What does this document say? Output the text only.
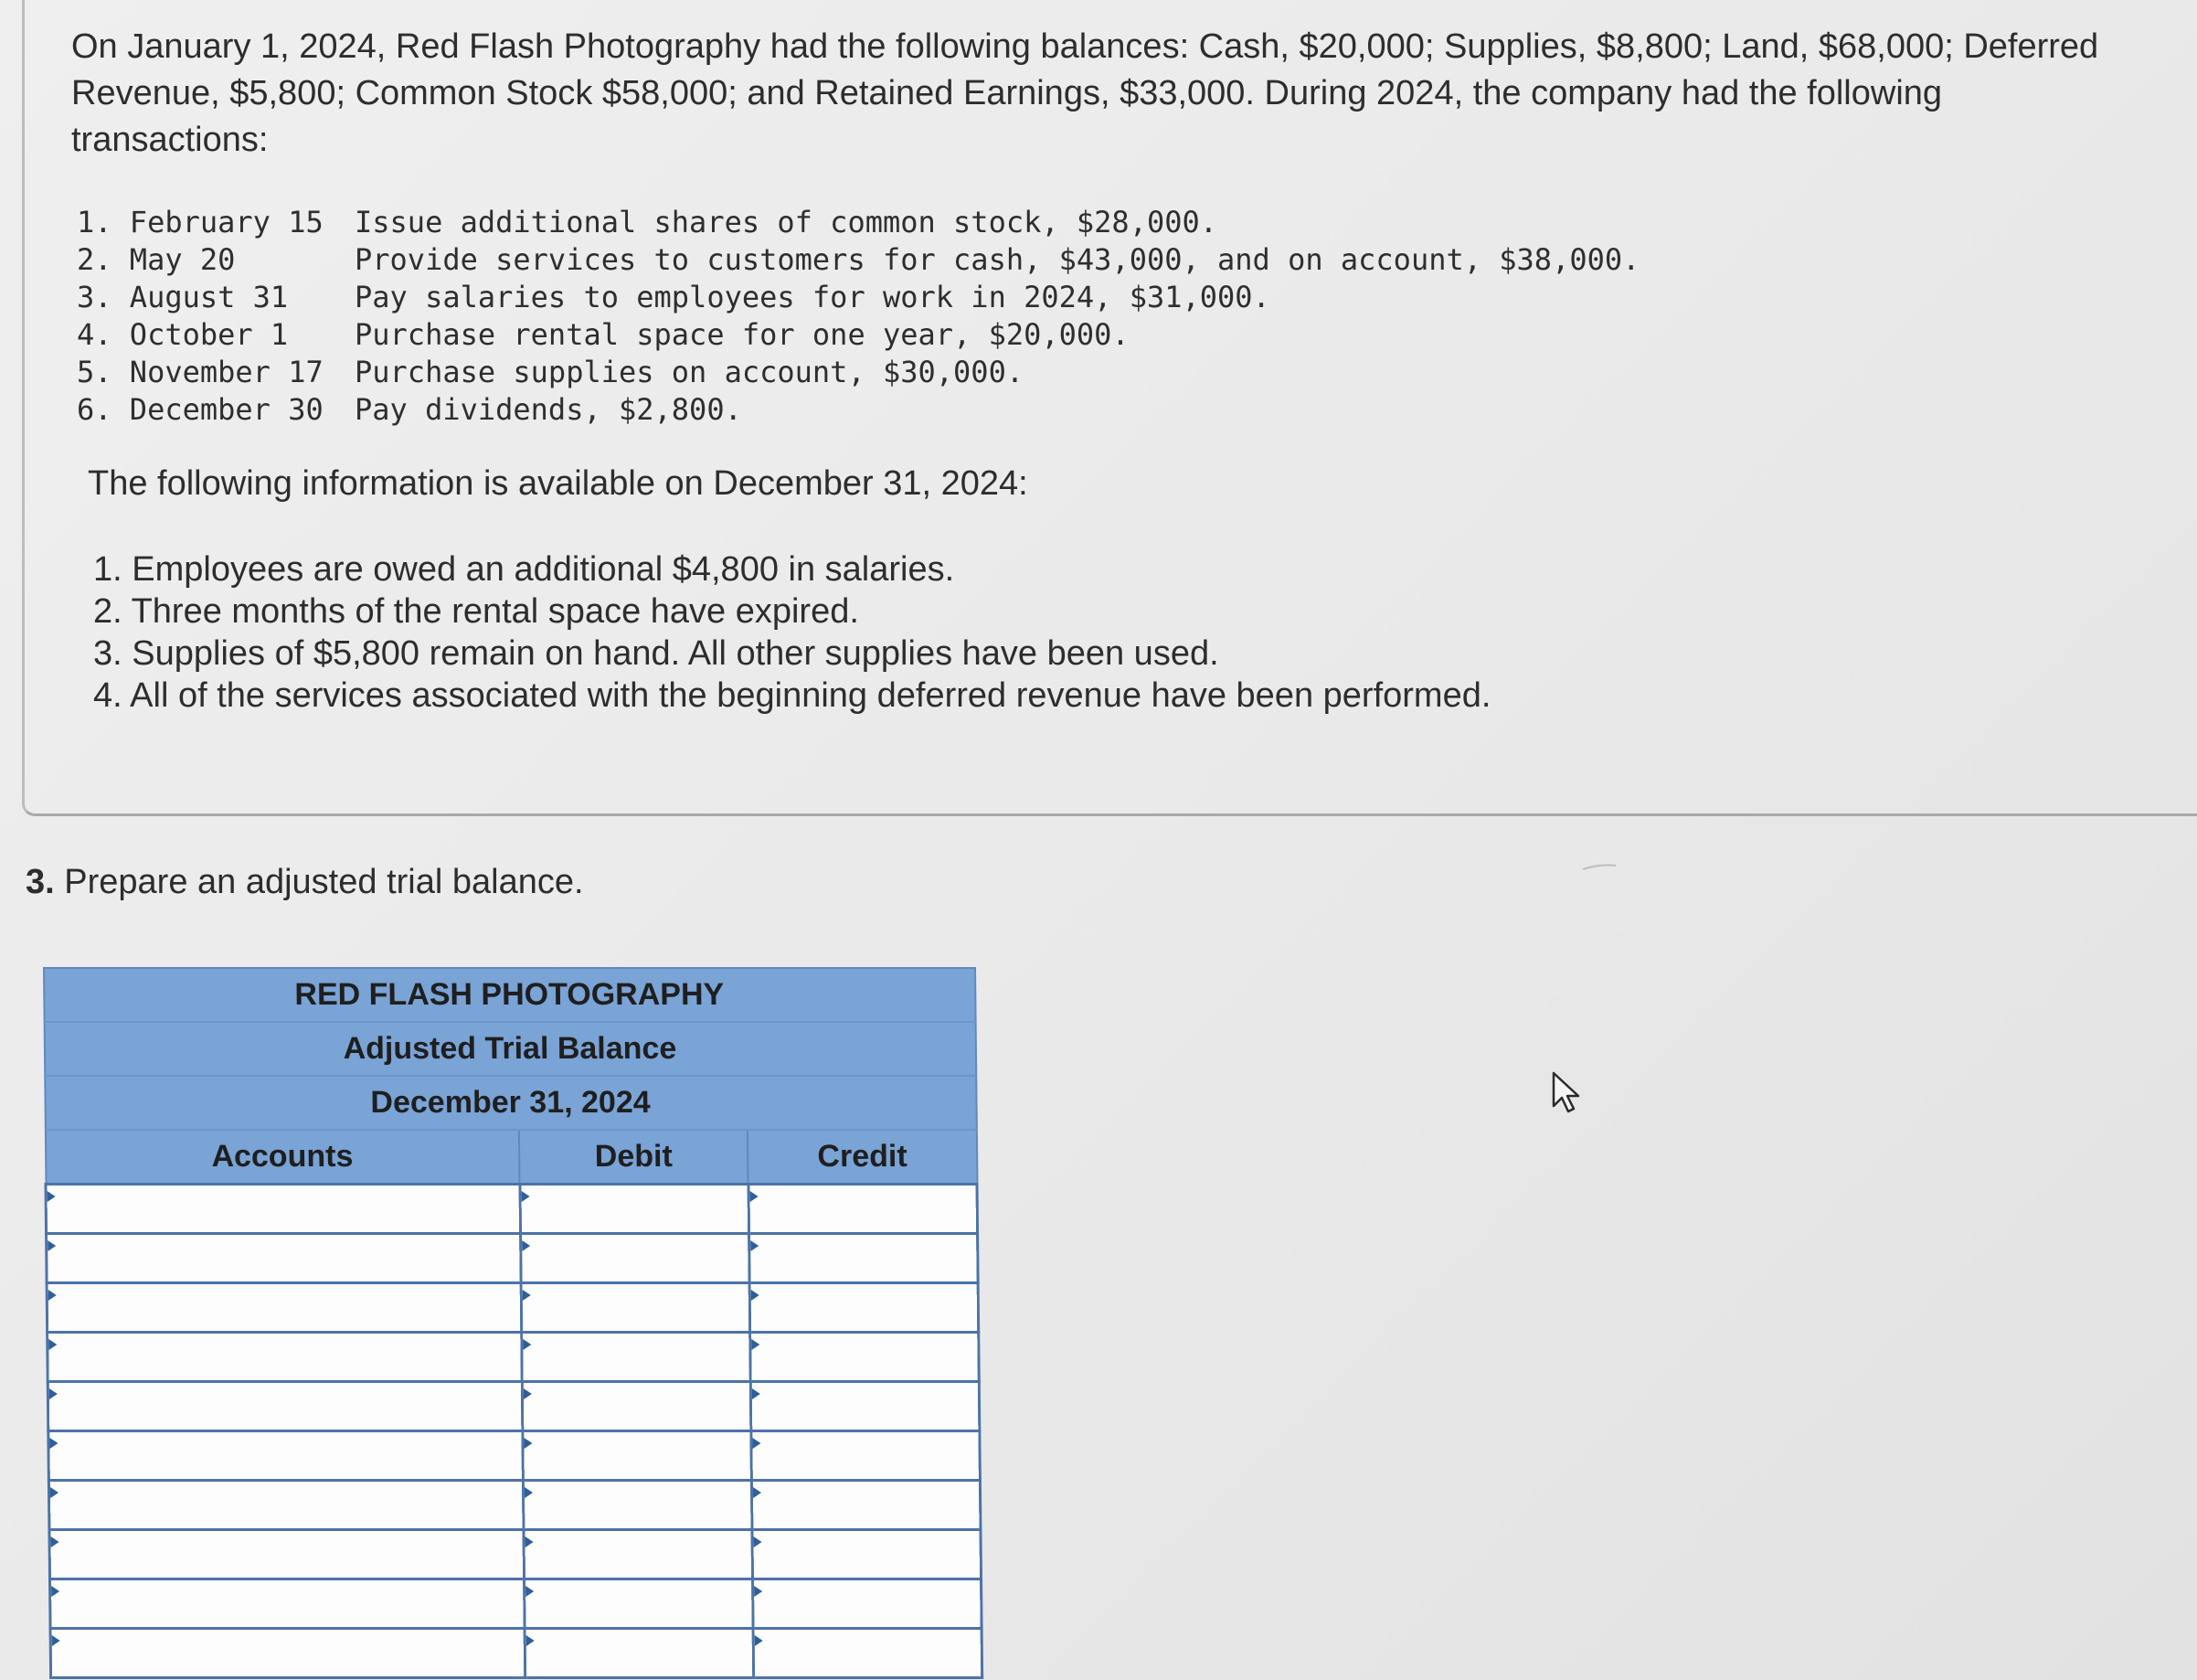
On January 1, 2024, Red Flash Photography had the following balances: Cash, $20,000; Supplies, $8,800; Land, $68,000; Deferred Revenue, $5,800; Common Stock $58,000; and Retained Earnings, $33,000. During 2024, the company had the following transactions:

1. February 15	Issue additional shares of common stock, $28,000.
2. May 20	Provide services to customers for cash, $43,000, and on account, $38,000.
3. August 31	Pay salaries to employees for work in 2024, $31,000.
4. October 1	Purchase rental space for one year, $20,000.
5. November 17	Purchase supplies on account, $30,000.
6. December 30	Pay dividends, $2,800.

The following information is available on December 31, 2024:

1. Employees are owed an additional $4,800 in salaries.
2. Three months of the rental space have expired.
3. Supplies of $5,800 remain on hand. All other supplies have been used.
4. All of the services associated with the beginning deferred revenue have been performed.

3. Prepare an adjusted trial balance.

RED FLASH PHOTOGRAPHY		
Adjusted Trial Balance		
December 31, 2024		
Accounts	Debit	Credit
